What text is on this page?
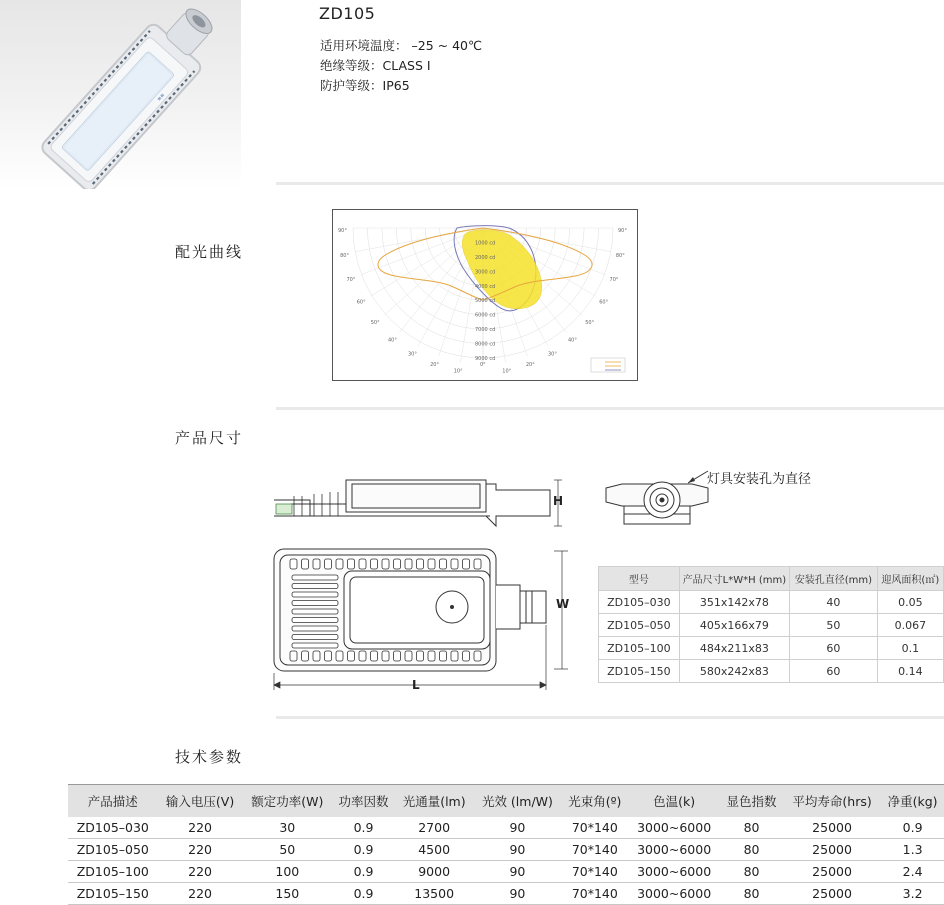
≡≡
ZD105
适用环境温度： –25 ~ 40℃
绝缘等级：CLASS I
防护等级：IP65
配光曲线
90°	90°
80°	80°
70°	70°
60°	60°
50°	50°
40°	40°
30°	30°
20°	20°
10°	10°
0°
1000 cd
2000 cd
3000 cd
4000 cd
5000 cd
6000 cd
7000 cd
8000 cd
9000 cd
产品尺寸
H
灯具安装孔为直径
W
L
型号	产品尺寸L*W*H (mm)	安装孔直径(mm)	迎风面积(㎡)
ZD105–030	351x142x78	40	0.05
ZD105–050	405x166x79	50	0.067
ZD105–100	484x211x83	60	0.1
ZD105–150	580x242x83	60	0.14
技术参数
产品描述	输入电压(V)	额定功率(W)	功率因数	光通量(lm)	光效 (lm/W)	光束角(º)	色温(k)	显色指数	平均寿命(hrs)	净重(kg)
ZD105–030	220	30	0.9	2700	90	70*140	3000~6000	80	25000	0.9
ZD105–050	220	50	0.9	4500	90	70*140	3000~6000	80	25000	1.3
ZD105–100	220	100	0.9	9000	90	70*140	3000~6000	80	25000	2.4
ZD105–150	220	150	0.9	13500	90	70*140	3000~6000	80	25000	3.2
